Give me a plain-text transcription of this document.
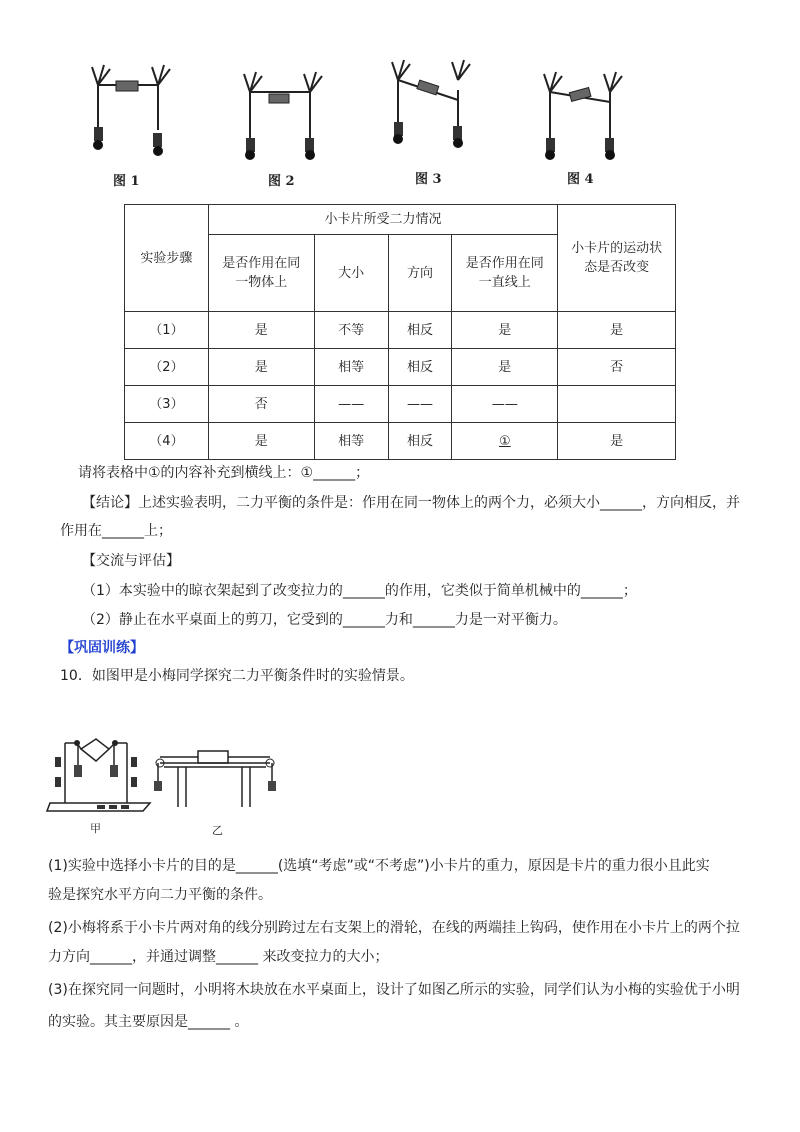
图 1	图 2	图 3	图 4
实验步骤	小卡片所受二力情况				小卡片的运动状态是否改变
	是否作用在同一物体上	大小	方向	是否作用在同一直线上	
（1）	是	不等	相反	是	是
（2）	是	相等	相反	是	否
（3）	否	——	——	——	
（4）	是	相等	相反	①	是
请将表格中①的内容补充到横线上：①______；
【结论】上述实验表明，二力平衡的条件是：作用在同一物体上的两个力，必须大小______，方向相反，并
作用在______上；
【交流与评估】
（1）本实验中的晾衣架起到了改变拉力的______的作用，它类似于简单机械中的______；
（2）静止在水平桌面上的剪刀，它受到的______力和______力是一对平衡力。
【巩固训练】
10．如图甲是小梅同学探究二力平衡条件时的实验情景。
甲	乙
(1)实验中选择小卡片的目的是______(选填“考虑”或“不考虑”)小卡片的重力，原因是卡片的重力很小且此实
验是探究水平方向二力平衡的条件。
(2)小梅将系于小卡片两对角的线分别跨过左右支架上的滑轮，在线的两端挂上钩码，使作用在小卡片上的两个拉
力方向______，并通过调整______ 来改变拉力的大小；
(3)在探究同一问题时，小明将木块放在水平桌面上，设计了如图乙所示的实验，同学们认为小梅的实验优于小明
的实验。其主要原因是______ 。
